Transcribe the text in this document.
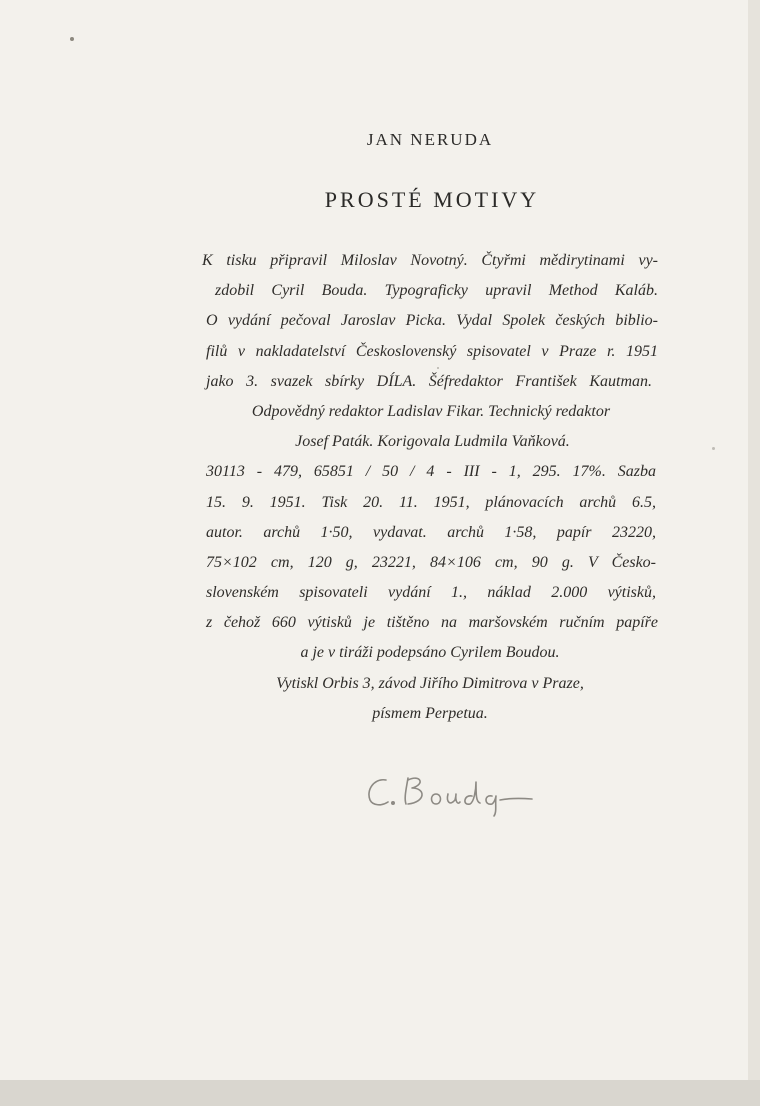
JAN NERUDA
PROSTÉ MOTIVY
K tisku připravil Miloslav Novotný. Čtyřmi mědirytinami vy-
zdobil Cyril Bouda. Typograficky upravil Method Kaláb.
O vydání pečoval Jaroslav Picka. Vydal Spolek českých biblio-
filů v nakladatelství Československý spisovatel v Praze r. 1951
jako 3. svazek sbírky DÍLA. Šéfredaktor František Kautman.
Odpovědný redaktor Ladislav Fikar. Technický redaktor
Josef Paták. Korigovala Ludmila Vaňková.
30113 - 479, 65851 / 50 / 4 - III - 1, 295. 17%. Sazba
15. 9. 1951. Tisk 20. 11. 1951, plánovacích archů 6.5,
autor. archů 1·50, vydavat. archů 1·58, papír 23220,
75×102 cm, 120 g, 23221, 84×106 cm, 90 g. V Česko-
slovenském spisovateli vydání 1., náklad 2.000 výtisků,
z čehož 660 výtisků je tištěno na maršovském ručním papíře
a je v tiráži podepsáno Cyrilem Boudou.
Vytiskl Orbis 3, závod Jiřího Dimitrova v Praze,
písmem Perpetua.
